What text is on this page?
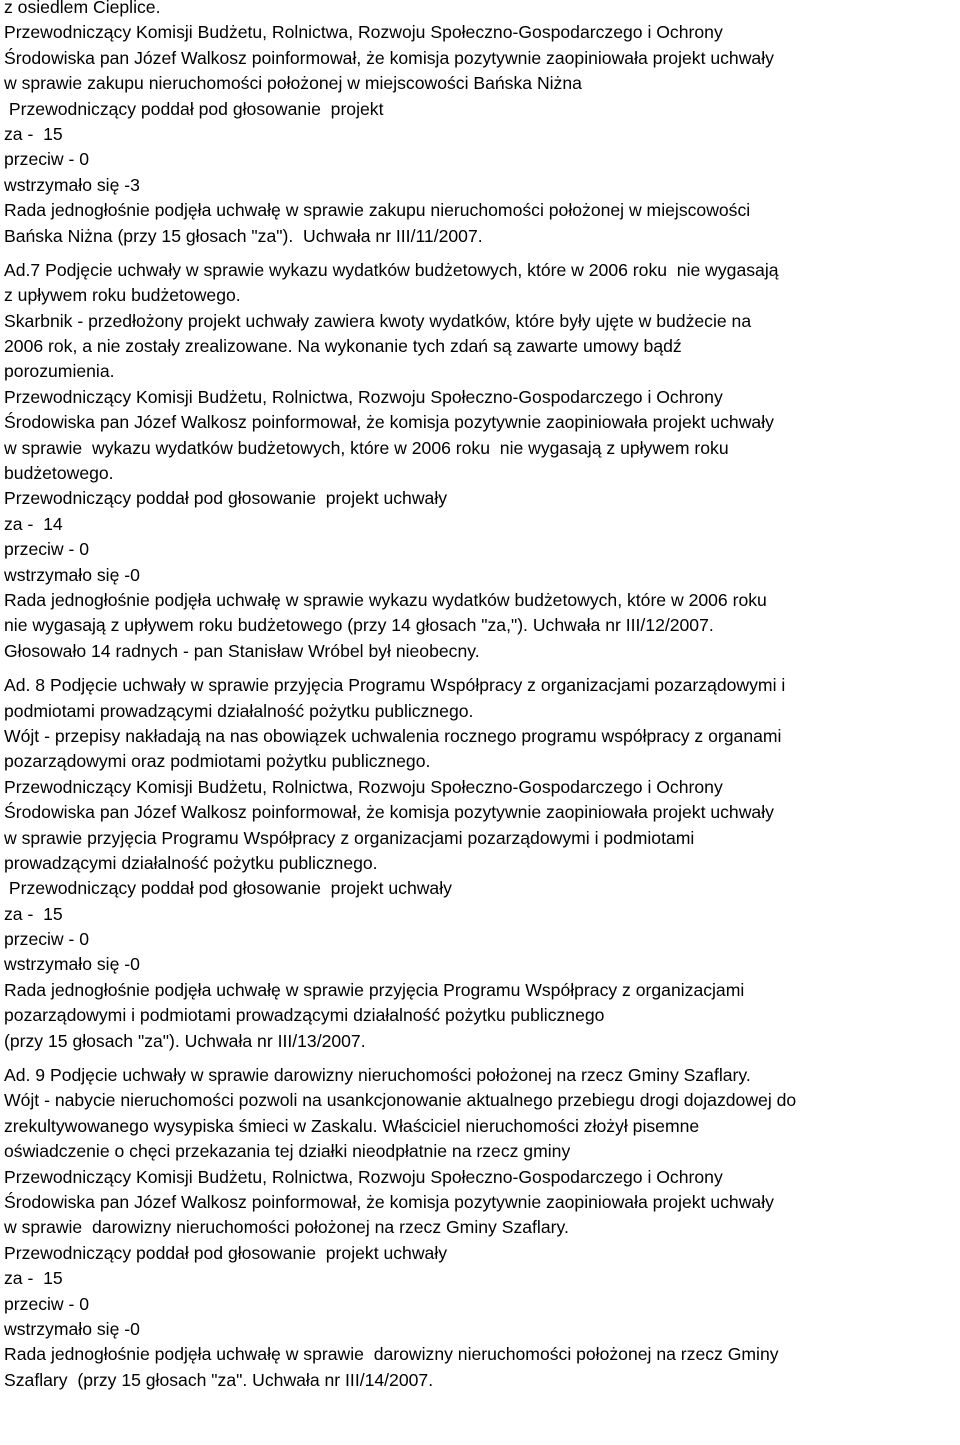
z osiedlem Cieplice.
Przewodniczący Komisji Budżetu, Rolnictwa, Rozwoju Społeczno-Gospodarczego i Ochrony
Środowiska pan Józef Walkosz poinformował, że komisja pozytywnie zaopiniowała projekt uchwały
w sprawie zakupu nieruchomości położonej w miejscowości Bańska Niżna
Przewodniczący poddał pod głosowanie  projekt
za -  15
przeciw - 0
wstrzymało się -3
Rada jednogłośnie podjęła uchwałę w sprawie zakupu nieruchomości położonej w miejscowości
Bańska Niżna (przy 15 głosach "za").  Uchwała nr III/11/2007.
Ad.7 Podjęcie uchwały w sprawie wykazu wydatków budżetowych, które w 2006 roku  nie wygasają
z upływem roku budżetowego.
Skarbnik - przedłożony projekt uchwały zawiera kwoty wydatków, które były ujęte w budżecie na
2006 rok, a nie zostały zrealizowane. Na wykonanie tych zdań są zawarte umowy bądź
porozumienia.
Przewodniczący Komisji Budżetu, Rolnictwa, Rozwoju Społeczno-Gospodarczego i Ochrony
Środowiska pan Józef Walkosz poinformował, że komisja pozytywnie zaopiniowała projekt uchwały
w sprawie  wykazu wydatków budżetowych, które w 2006 roku  nie wygasają z upływem roku
budżetowego.
Przewodniczący poddał pod głosowanie  projekt uchwały
za -  14
przeciw - 0
wstrzymało się -0
Rada jednogłośnie podjęła uchwałę w sprawie wykazu wydatków budżetowych, które w 2006 roku
nie wygasają z upływem roku budżetowego (przy 14 głosach "za,"). Uchwała nr III/12/2007.
Głosowało 14 radnych - pan Stanisław Wróbel był nieobecny.
Ad. 8 Podjęcie uchwały w sprawie przyjęcia Programu Współpracy z organizacjami pozarządowymi i
podmiotami prowadzącymi działalność pożytku publicznego.
Wójt - przepisy nakładają na nas obowiązek uchwalenia rocznego programu współpracy z organami
pozarządowymi oraz podmiotami pożytku publicznego.
Przewodniczący Komisji Budżetu, Rolnictwa, Rozwoju Społeczno-Gospodarczego i Ochrony
Środowiska pan Józef Walkosz poinformował, że komisja pozytywnie zaopiniowała projekt uchwały
w sprawie przyjęcia Programu Współpracy z organizacjami pozarządowymi i podmiotami
prowadzącymi działalność pożytku publicznego.
Przewodniczący poddał pod głosowanie  projekt uchwały
za -  15
przeciw - 0
wstrzymało się -0
Rada jednogłośnie podjęła uchwałę w sprawie przyjęcia Programu Współpracy z organizacjami
pozarządowymi i podmiotami prowadzącymi działalność pożytku publicznego
(przy 15 głosach "za"). Uchwała nr III/13/2007.
Ad. 9 Podjęcie uchwały w sprawie darowizny nieruchomości położonej na rzecz Gminy Szaflary.
Wójt - nabycie nieruchomości pozwoli na usankcjonowanie aktualnego przebiegu drogi dojazdowej do
zrekultywowanego wysypiska śmieci w Zaskalu. Właściciel nieruchomości złożył pisemne
oświadczenie o chęci przekazania tej działki nieodpłatnie na rzecz gminy
Przewodniczący Komisji Budżetu, Rolnictwa, Rozwoju Społeczno-Gospodarczego i Ochrony
Środowiska pan Józef Walkosz poinformował, że komisja pozytywnie zaopiniowała projekt uchwały
w sprawie  darowizny nieruchomości położonej na rzecz Gminy Szaflary.
Przewodniczący poddał pod głosowanie  projekt uchwały
za -  15
przeciw - 0
wstrzymało się -0
Rada jednogłośnie podjęła uchwałę w sprawie  darowizny nieruchomości położonej na rzecz Gminy
Szaflary  (przy 15 głosach "za". Uchwała nr III/14/2007.
